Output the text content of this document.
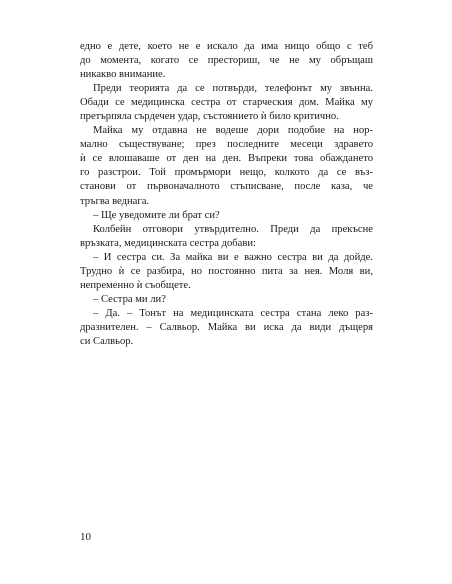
едно е дете, което не е искало да има нищо общо с теб
до момента, когато се престориш, че не му обръщаш
никакво внимание.
Преди теорията да се потвърди, телефонът му звънна.
Обади се медицинска сестра от старческия дом. Майка му
претърпяла сърдечен удар, състоянието ѝ било критично.
Майка му отдавна не водеше дори подобие на нор-
мално съществуване; през последните месеци здравето
ѝ се влошаваше от ден на ден. Въпреки това обаждането
го разстрои. Той промърмори нещо, колкото да се въз-
станови от първоначалното стъписване, после каза, че
тръгва веднага.
– Ще уведомите ли брат си?
Колбейн отговори утвърдително. Преди да прекъсне
връзката, медицинската сестра добави:
– И сестра си. За майка ви е важно сестра ви да дойде.
Трудно ѝ се разбира, но постоянно пита за нея. Моля ви,
непременно ѝ съобщете.
– Сестра ми ли?
– Да. – Тонът на медицинската сестра стана леко раз-
дразнителен. – Салвьор. Майка ви иска да види дъщеря
си Салвьор.
10
